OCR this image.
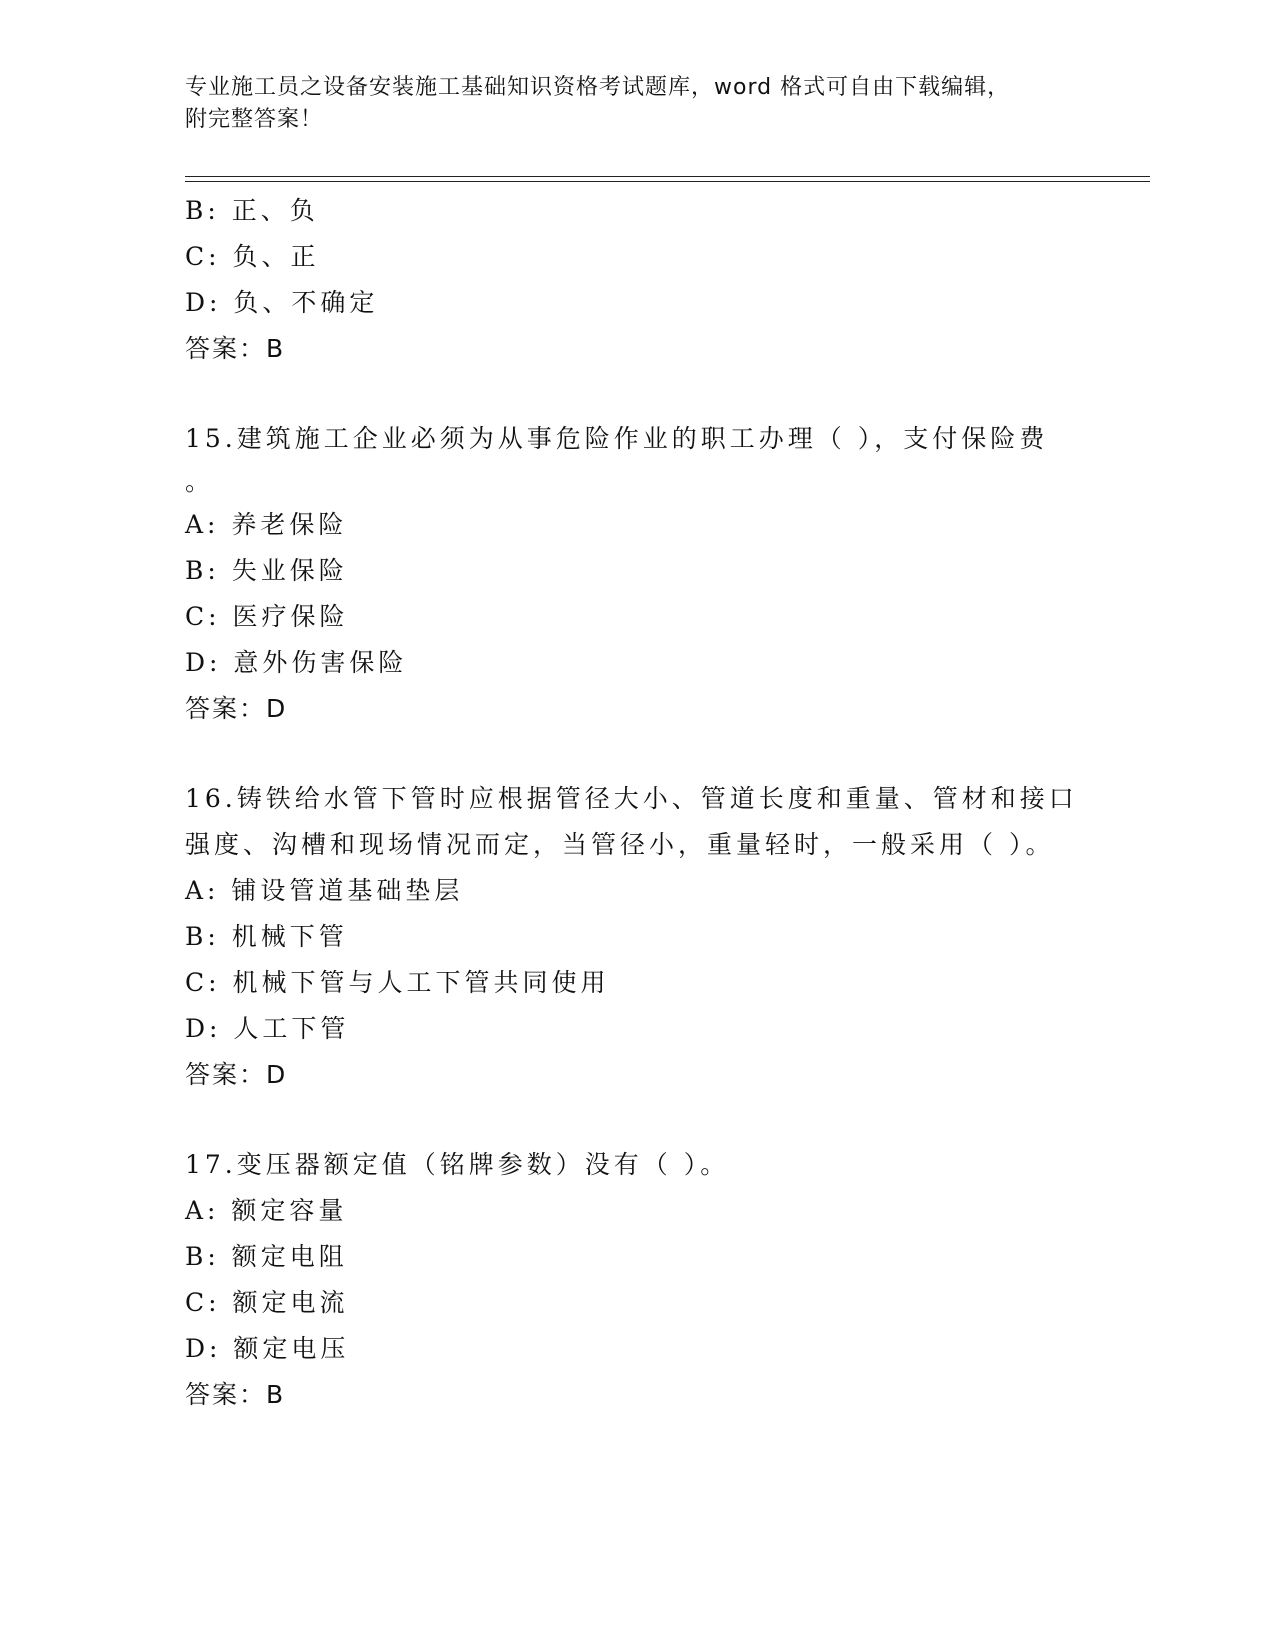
专业施工员之设备安装施工基础知识资格考试题库，word 格式可自由下载编辑，
附完整答案！
B: 正、负
C: 负、正
D: 负、不确定
答案：B
15.建筑施工企业必须为从事危险作业的职工办理（ ），支付保险费
。
A: 养老保险
B: 失业保险
C: 医疗保险
D: 意外伤害保险
答案：D
16.铸铁给水管下管时应根据管径大小、管道长度和重量、管材和接口
强度、沟槽和现场情况而定，当管径小，重量轻时，一般采用（ ）。
A: 铺设管道基础垫层
B: 机械下管
C: 机械下管与人工下管共同使用
D: 人工下管
答案：D
17.变压器额定值（铭牌参数）没有（ ）。
A: 额定容量
B: 额定电阻
C: 额定电流
D: 额定电压
答案：B
